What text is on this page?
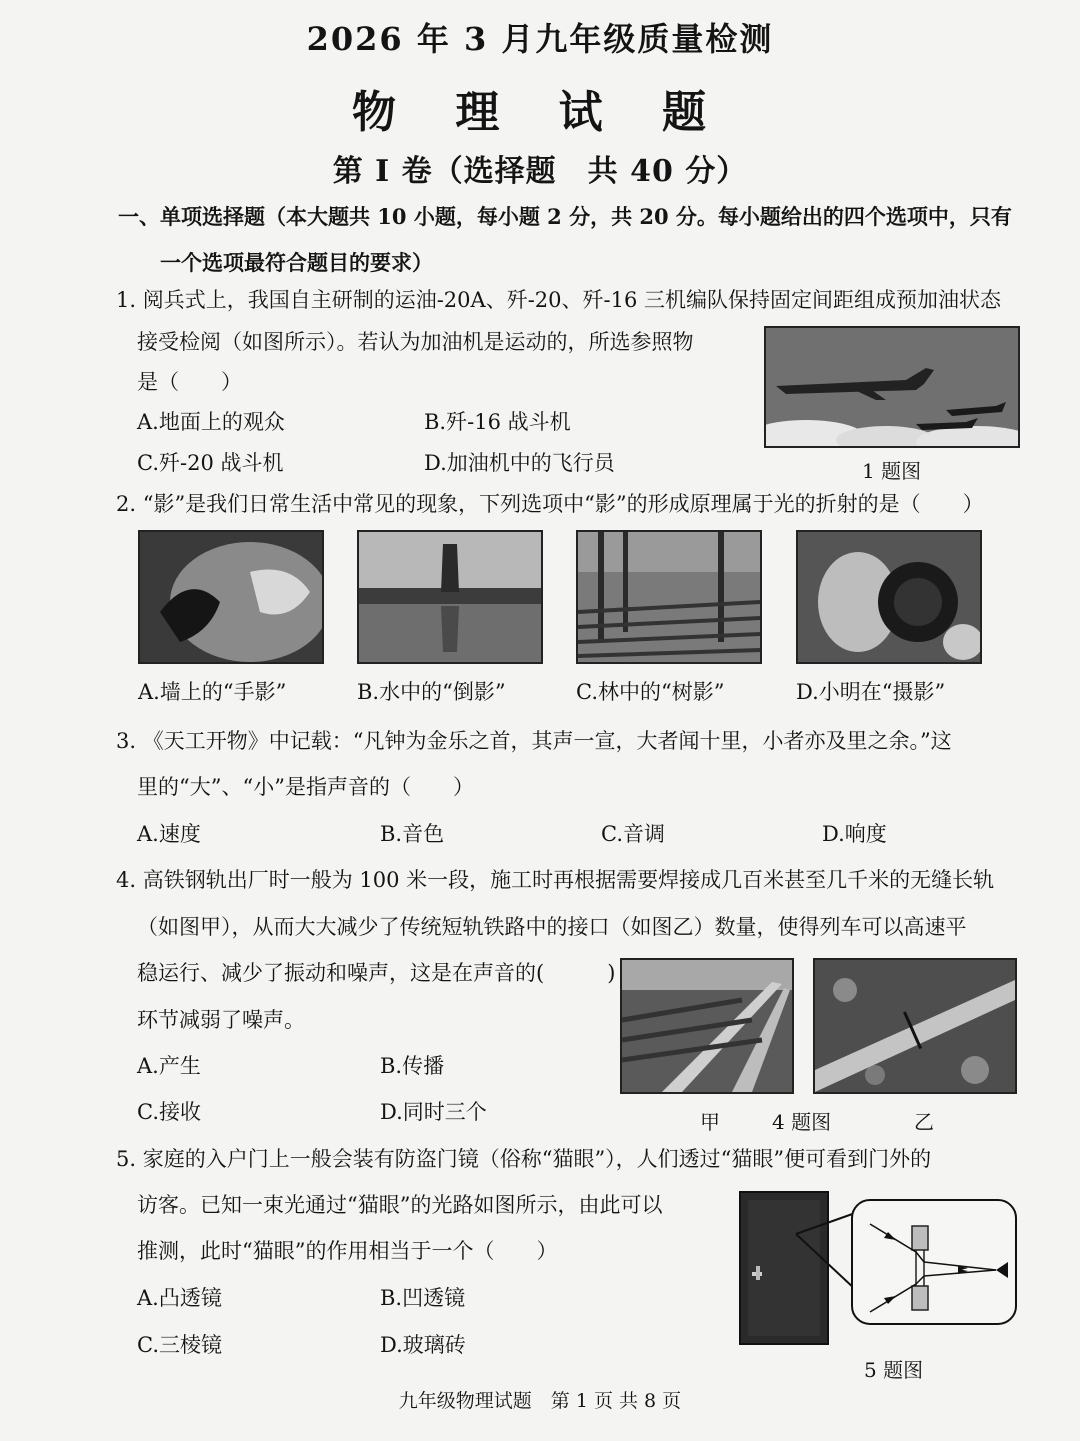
2026 年 3 月九年级质量检测
物 理 试 题
第 I 卷（选择题　共 40 分）
一、单项选择题（本大题共 10 小题，每小题 2 分，共 20 分。每小题给出的四个选项中，只有
一个选项最符合题目的要求）
1. 阅兵式上，我国自主研制的运油-20A、歼-20、歼-16 三机编队保持固定间距组成预加油状态
接受检阅（如图所示）。若认为加油机是运动的，所选参照物
是（　　）
A.地面上的观众	B.歼-16 战斗机
C.歼-20 战斗机	D.加油机中的飞行员	1 题图
2. “影”是我们日常生活中常见的现象，下列选项中“影”的形成原理属于光的折射的是（　　）
A.墙上的“手影”	B.水中的“倒影”	C.林中的“树影”	D.小明在“摄影”
3. 《天工开物》中记载：“凡钟为金乐之首，其声一宣，大者闻十里，小者亦及里之余。”这
里的“大”、“小”是指声音的（　　）
A.速度	B.音色	C.音调	D.响度
4. 高铁钢轨出厂时一般为 100 米一段，施工时再根据需要焊接成几百米甚至几千米的无缝长轨
（如图甲），从而大大减少了传统短轨铁路中的接口（如图乙）数量，使得列车可以高速平
稳运行、减少了振动和噪声，这是在声音的(　　　)
环节减弱了噪声。
A.产生	B.传播
C.接收	D.同时三个	甲	4 题图	乙
5. 家庭的入户门上一般会装有防盗门镜（俗称“猫眼”），人们透过“猫眼”便可看到门外的
访客。已知一束光通过“猫眼”的光路如图所示，由此可以
推测，此时“猫眼”的作用相当于一个（　　）
A.凸透镜	B.凹透镜
C.三棱镜	D.玻璃砖
5 题图
九年级物理试题　第 1 页 共 8 页
